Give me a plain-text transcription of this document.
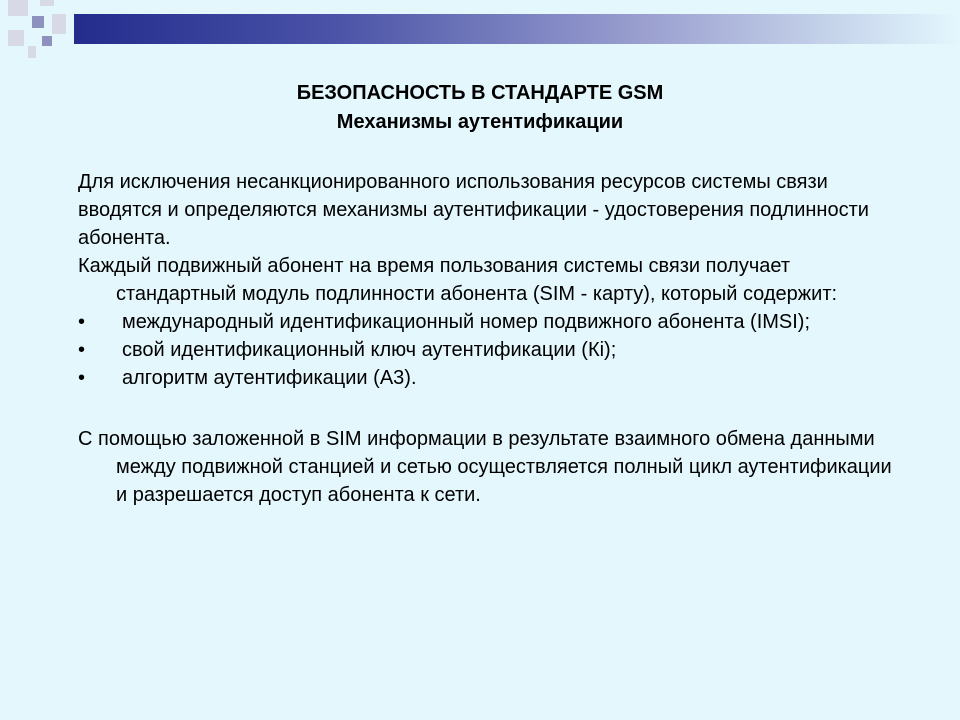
БЕЗОПАСНОСТЬ В СТАНДАРТЕ GSM
Механизмы аутентификации

Для исключения несанкционированного использования ресурсов системы связи вводятся и определяются механизмы аутентификации - удостоверения подлинности абонента.

Каждый подвижный абонент на время пользования системы связи получает стандартный модуль подлинности абонента (SIM - карту), который содержит:

• международный идентификационный номер подвижного абонента (IMSI);
• свой идентификационный ключ аутентификации (Кi);
• алгоритм аутентификации (А3).

С помощью заложенной в SIM информации в результате взаимного обмена данными между подвижной станцией и сетью осуществляется полный цикл аутентификации и разрешается доступ абонента к сети.
